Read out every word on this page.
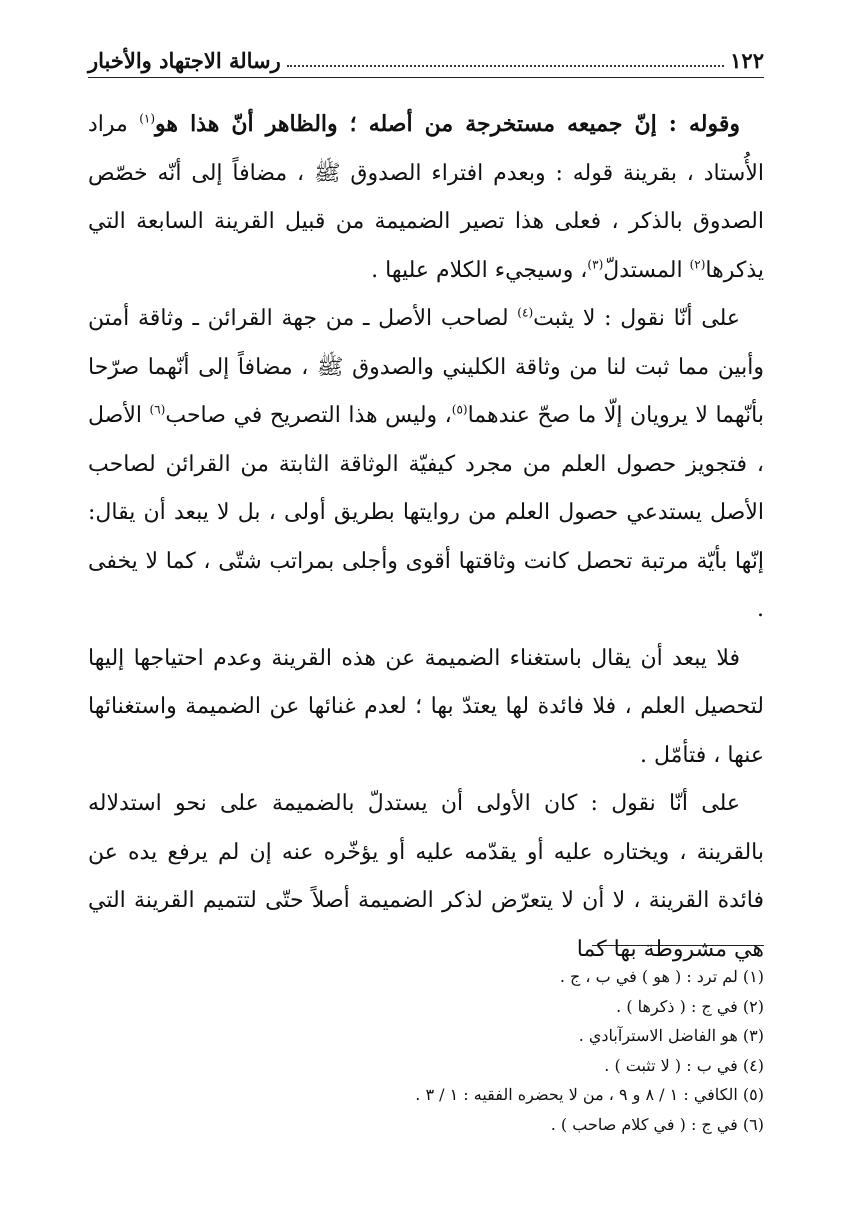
١٢٢
رسالة الاجتهاد والأخبار

وقوله : إنّ جميعه مستخرجة من أصله ؛ والظاهر أنّ هذا هو$^{(١)}$ مراد الأُستاد ، بقرينة قوله : وبعدم افتراء الصدوق ﷺ ، مضافاً إلى أنّه خصّص الصدوق بالذكر ، فعلى هذا تصير الضميمة من قبيل القرينة السابعة التي يذكرها$^{(٢)}$ المستدلّ$^{(٣)}$، وسيجيء الكلام عليها .

على أنّا نقول : لا يثبت$^{(٤)}$ لصاحب الأصل ـ من جهة القرائن ـ وثاقة أمتن وأبين مما ثبت لنا من وثاقة الكليني والصدوق ﷺ ، مضافاً إلى أنّهما صرّحا بأنّهما لا يرويان إلّا ما صحّ عندهما$^{(٥)}$، وليس هذا التصريح في صاحب$^{(٦)}$ الأصل ، فتجويز حصول العلم من مجرد كيفيّة الوثاقة الثابتة من القرائن لصاحب الأصل يستدعي حصول العلم من روايتها بطريق أولى ، بل لا يبعد أن يقال: إنّها بأيّة مرتبة تحصل كانت وثاقتها أقوى وأجلى بمراتب شتّى ، كما لا يخفى .

فلا يبعد أن يقال باستغناء الضميمة عن هذه القرينة وعدم احتياجها إليها لتحصيل العلم ، فلا فائدة لها يعتدّ بها ؛ لعدم غنائها عن الضميمة واستغنائها عنها ، فتأمّل .

على أنّا نقول : كان الأولى أن يستدلّ بالضميمة على نحو استدلاله بالقرينة ، ويختاره عليه أو يقدّمه عليه أو يؤخّره عنه إن لم يرفع يده عن فائدة القرينة ، لا أن لا يتعرّض لذكر الضميمة أصلاً حتّى لتتميم القرينة التي هي مشروطة بها كما

(١) لم ترد : ( هو ) في ب ، ج .
(٢) في ج : ( ذكرها ) .
(٣) هو الفاضل الاسترآبادي .
(٤) في ب : ( لا تثبت ) .
(٥) الكافي : ١ / ٨ و ٩ ، من لا يحضره الفقيه : ١ / ٣ .
(٦) في ج : ( في كلام صاحب ) .
